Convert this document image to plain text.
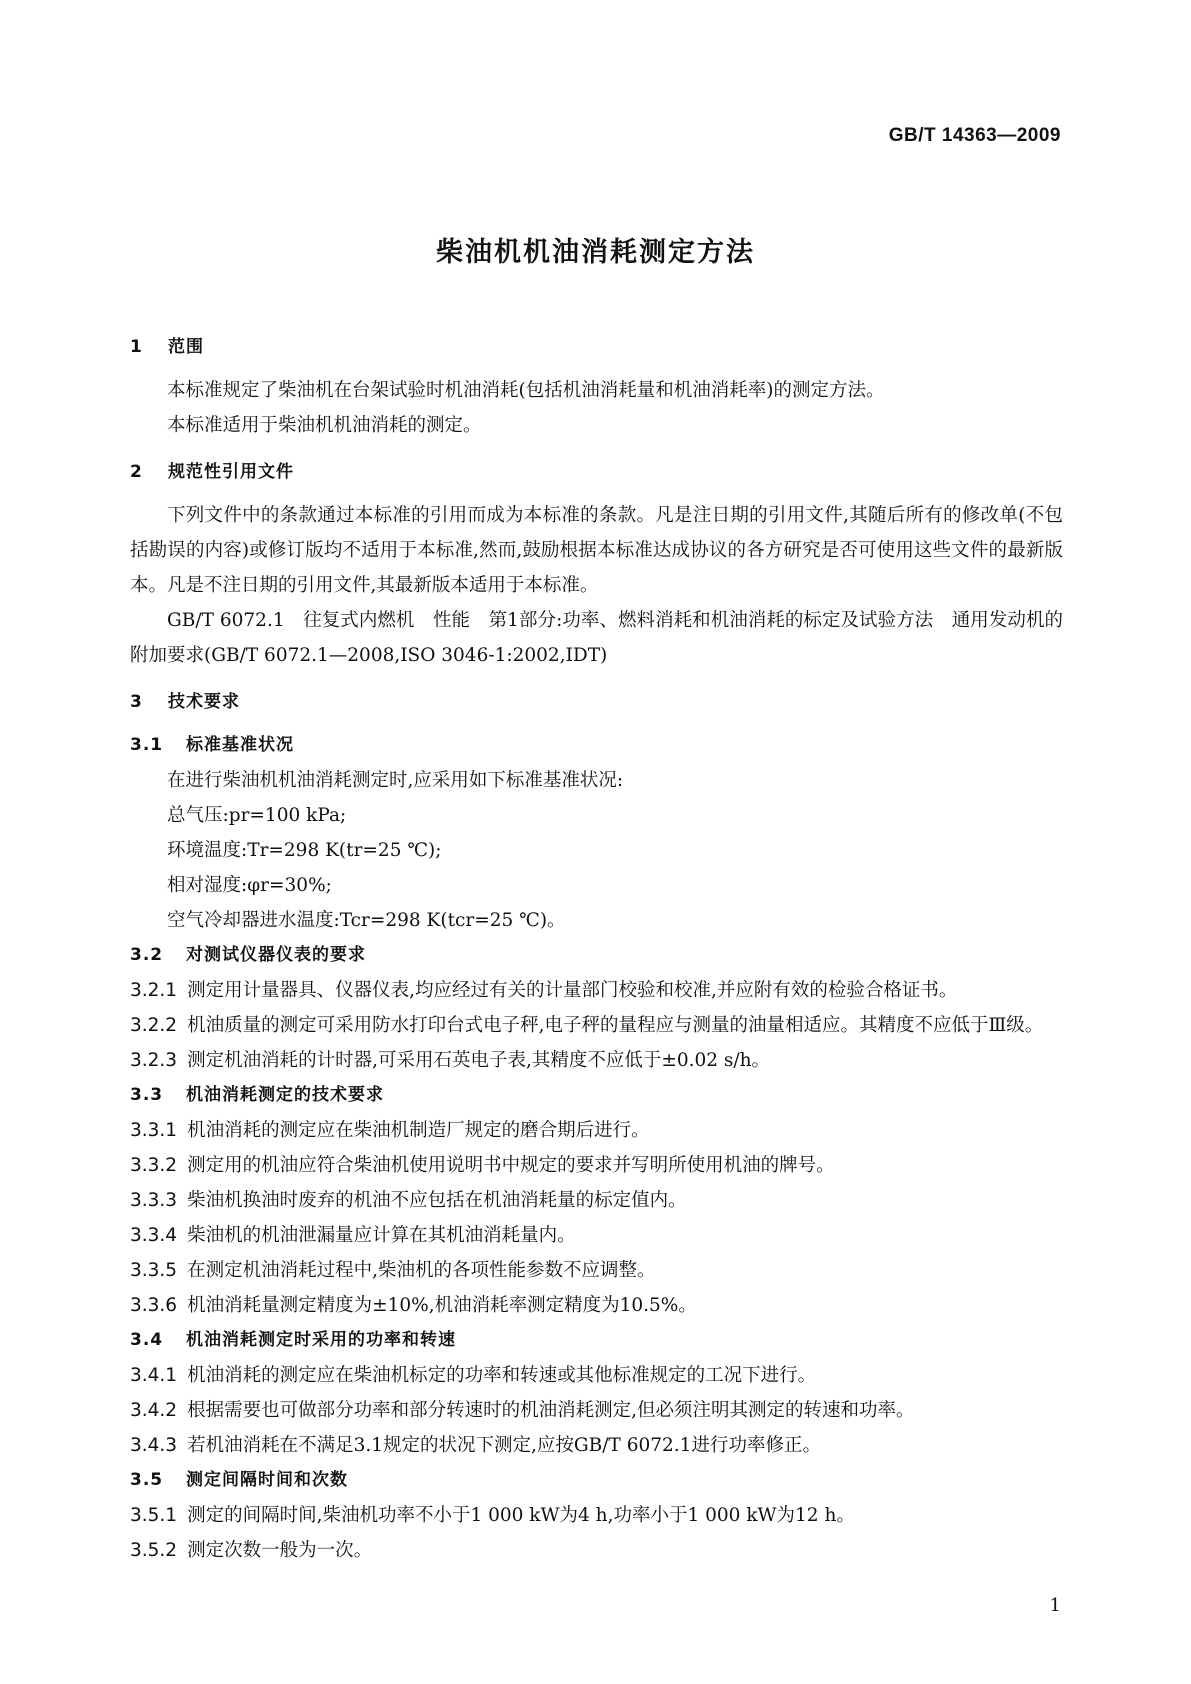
GB/T 14363—2009
柴油机机油消耗测定方法
1 范围

本标准规定了柴油机在台架试验时机油消耗(包括机油消耗量和机油消耗率)的测定方法。

本标准适用于柴油机机油消耗的测定。

2 规范性引用文件

下列文件中的条款通过本标准的引用而成为本标准的条款。凡是注日期的引用文件,其随后所有的修改单(不包括勘误的内容)或修订版均不适用于本标准,然而,鼓励根据本标准达成协议的各方研究是否可使用这些文件的最新版本。凡是不注日期的引用文件,其最新版本适用于本标准。

GB/T 6072.1　往复式内燃机　性能　第1部分:功率、燃料消耗和机油消耗的标定及试验方法　通用发动机的附加要求(GB/T 6072.1—2008,ISO 3046-1:2002,IDT)

3 技术要求
3.1 标准基准状况

在进行柴油机机油消耗测定时,应采用如下标准基准状况:

总气压:pr=100 kPa;

环境温度:Tr=298 K(tr=25 ℃);

相对湿度:φr=30%;

空气冷却器进水温度:Tcr=298 K(tcr=25 ℃)。

3.2 对测试仪器仪表的要求

3.2.1 测定用计量器具、仪器仪表,均应经过有关的计量部门校验和校准,并应附有效的检验合格证书。

3.2.2 机油质量的测定可采用防水打印台式电子秤,电子秤的量程应与测量的油量相适应。其精度不应低于Ⅲ级。

3.2.3 测定机油消耗的计时器,可采用石英电子表,其精度不应低于±0.02 s/h。

3.3 机油消耗测定的技术要求

3.3.1 机油消耗的测定应在柴油机制造厂规定的磨合期后进行。

3.3.2 测定用的机油应符合柴油机使用说明书中规定的要求并写明所使用机油的牌号。

3.3.3 柴油机换油时废弃的机油不应包括在机油消耗量的标定值内。

3.3.4 柴油机的机油泄漏量应计算在其机油消耗量内。

3.3.5 在测定机油消耗过程中,柴油机的各项性能参数不应调整。

3.3.6 机油消耗量测定精度为±10%,机油消耗率测定精度为10.5%。

3.4 机油消耗测定时采用的功率和转速

3.4.1 机油消耗的测定应在柴油机标定的功率和转速或其他标准规定的工况下进行。

3.4.2 根据需要也可做部分功率和部分转速时的机油消耗测定,但必须注明其测定的转速和功率。

3.4.3 若机油消耗在不满足3.1规定的状况下测定,应按GB/T 6072.1进行功率修正。

3.5 测定间隔时间和次数

3.5.1 测定的间隔时间,柴油机功率不小于1 000 kW为4 h,功率小于1 000 kW为12 h。

3.5.2 测定次数一般为一次。

1
